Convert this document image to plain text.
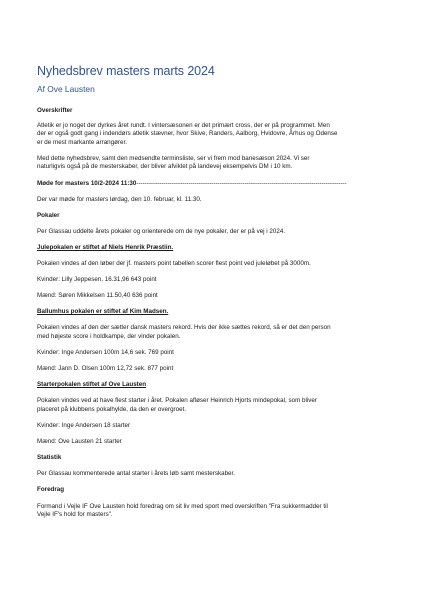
Nyhedsbrev masters marts 2024
Af Ove Lausten

Overskrifter

Atletik er jo noget der dyrkes året rundt. I vintersæsonen er det primært cross, der er på programmet. Men

der er også godt gang i indendørs atletik stævner, hvor Skive, Randers, Aalborg, Hvidovre, Århus og Odense

er de mest markante arrangører.

Med dette nyhedsbrev, samt den medsendte terminsliste, ser vi frem mod banesæson 2024. Vi ser

naturligvis også på de mesterskaber, der bliver afviklet på landevej eksempelvis DM i 10 km.

Møde for masters 10/2-2024 11:30-----------------------------------------------------------------------------------------------------

Der var møde for masters lørdag, den 10. februar, kl. 11.30.

Pokaler

Per Glassau uddelte årets pokaler og orienterede om de nye pokaler, der er på vej i 2024.

Julepokalen er stiftet af Niels Henrik Præstiin.

Pokalen vindes af den løber der jf. masters point tabellen scorer flest point ved juleløbet på 3000m.

Kvinder: Lilly Jeppesen, 16.31,96 643 point

Mænd: Søren Mikkelsen 11.50,40 636 point

Ballumhus pokalen er stiftet af Kim Madsen.

Pokalen vindes af den der sætter dansk masters rekord. Hvis der ikke sættes rekord, så er det den person

med højeste score i holdkampe, der vinder pokalen.

Kvinder: Inge Andersen 100m 14,6 sek. 769 point

Mænd: Jann D. Olsen 100m 12,72 sek. 877 point

Starterpokalen stiftet af Ove Lausten

Pokalen vindes ved at have flest starter i året. Pokalen afløser Heinrich Hjorts mindepokal, som bliver

placeret på klubbens pokalhylde, da den er overgroet.

Kvinder: Inge Andersen 18 starter

Mænd: Ove Lausten 21 starter

Statistik

Per Glassau kommenterede antal starter i årets løb samt mesterskaber.

Foredrag

Formand i Vejle IF Ove Lausten hold foredrag om sit liv med sport med overskriften "Fra sukkermadder til

Vejle IF's hold for masters".
